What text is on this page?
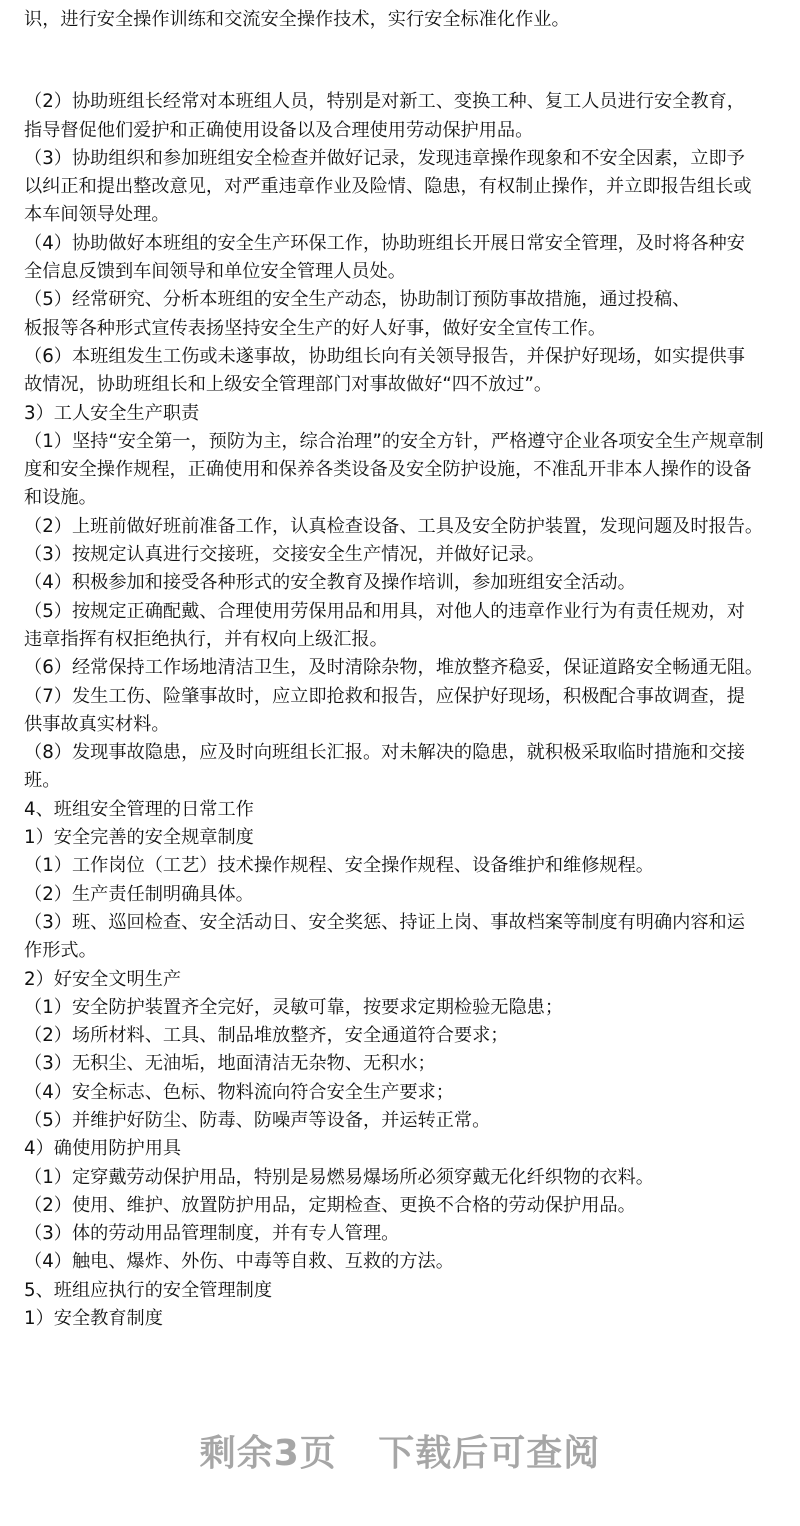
识，进行安全操作训练和交流安全操作技术，实行安全标准化作业。
（2）协助班组长经常对本班组人员，特别是对新工、变换工种、复工人员进行安全教育，
指导督促他们爱护和正确使用设备以及合理使用劳动保护用品。
（3）协助组织和参加班组安全检查并做好记录，发现违章操作现象和不安全因素，立即予
以纠正和提出整改意见，对严重违章作业及险情、隐患，有权制止操作，并立即报告组长或
本车间领导处理。
（4）协助做好本班组的安全生产环保工作，协助班组长开展日常安全管理，及时将各种安
全信息反馈到车间领导和单位安全管理人员处。
（5）经常研究、分析本班组的安全生产动态，协助制订预防事故措施，通过投稿、
板报等各种形式宣传表扬坚持安全生产的好人好事，做好安全宣传工作。
（6）本班组发生工伤或未遂事故，协助组长向有关领导报告，并保护好现场，如实提供事
故情况，协助班组长和上级安全管理部门对事故做好“四不放过”。
3）工人安全生产职责
（1）坚持“安全第一，预防为主，综合治理”的安全方针，严格遵守企业各项安全生产规章制
度和安全操作规程，正确使用和保养各类设备及安全防护设施，不准乱开非本人操作的设备
和设施。
（2）上班前做好班前准备工作，认真检查设备、工具及安全防护装置，发现问题及时报告。
（3）按规定认真进行交接班，交接安全生产情况，并做好记录。
（4）积极参加和接受各种形式的安全教育及操作培训，参加班组安全活动。
（5）按规定正确配戴、合理使用劳保用品和用具，对他人的违章作业行为有责任规劝，对
违章指挥有权拒绝执行，并有权向上级汇报。
（6）经常保持工作场地清洁卫生，及时清除杂物，堆放整齐稳妥，保证道路安全畅通无阻。
（7）发生工伤、险肇事故时，应立即抢救和报告，应保护好现场，积极配合事故调查，提
供事故真实材料。
（8）发现事故隐患，应及时向班组长汇报。对未解决的隐患，就积极采取临时措施和交接
班。
4、班组安全管理的日常工作
1）安全完善的安全规章制度
（1）工作岗位（工艺）技术操作规程、安全操作规程、设备维护和维修规程。
（2）生产责任制明确具体。
（3）班、巡回检查、安全活动日、安全奖惩、持证上岗、事故档案等制度有明确内容和运
作形式。
2）好安全文明生产
（1）安全防护装置齐全完好，灵敏可靠，按要求定期检验无隐患；
（2）场所材料、工具、制品堆放整齐，安全通道符合要求；
（3）无积尘、无油垢，地面清洁无杂物、无积水；
（4）安全标志、色标、物料流向符合安全生产要求；
（5）并维护好防尘、防毒、防噪声等设备，并运转正常。
4）确使用防护用具
（1）定穿戴劳动保护用品，特别是易燃易爆场所必须穿戴无化纤织物的衣料。
（2）使用、维护、放置防护用品，定期检查、更换不合格的劳动保护用品。
（3）体的劳动用品管理制度，并有专人管理。
（4）触电、爆炸、外伤、中毒等自救、互救的方法。
5、班组应执行的安全管理制度
1）安全教育制度
剩余3页 下载后可查阅
